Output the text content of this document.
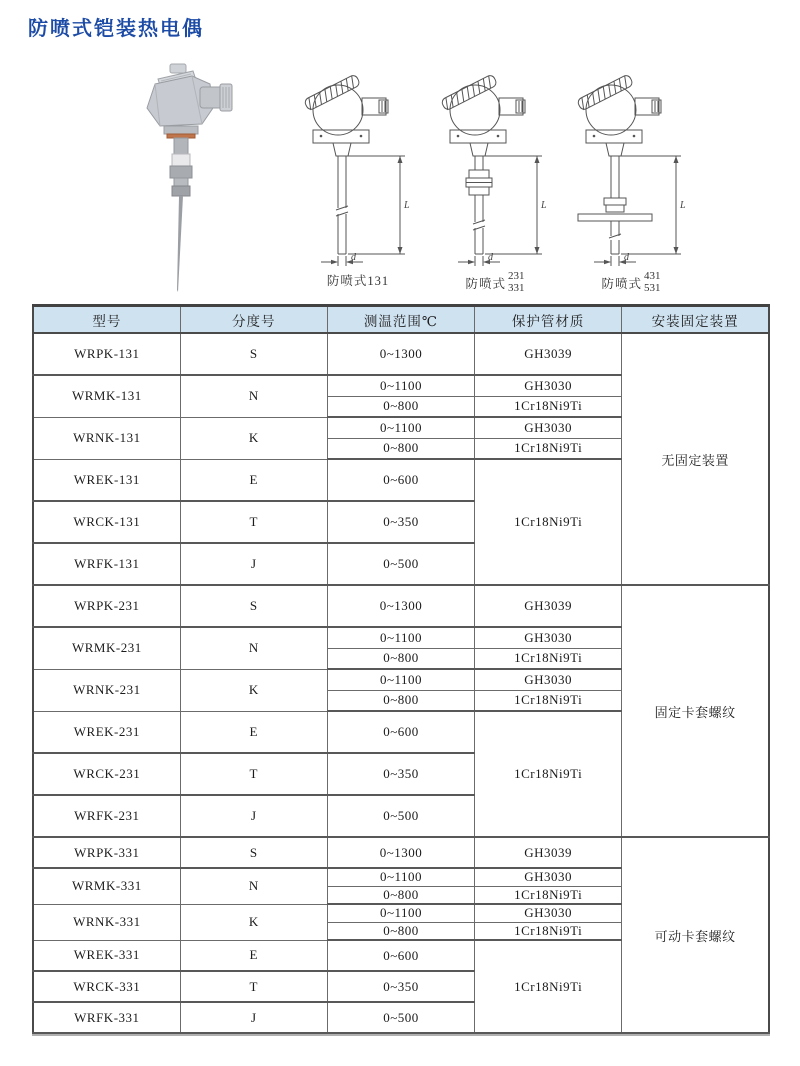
防喷式铠装热电偶
L
d
防喷式131
L
d
防喷式
231
331
L
d
防喷式
431
531
型号	分度号	测温范围℃	保护管材质	安装固定装置
WRPK-131	S	0~1300	GH3039	无固定装置
WRMK-131	N	0~1100	GH3030	
		0~800	1Cr18Ni9Ti	
WRNK-131	K	0~1100	GH3030	
		0~800	1Cr18Ni9Ti	
WREK-131	E	0~600	1Cr18Ni9Ti	
WRCK-131	T	0~350		
WRFK-131	J	0~500		
WRPK-231	S	0~1300	GH3039	固定卡套螺纹
WRMK-231	N	0~1100	GH3030	
		0~800	1Cr18Ni9Ti	
WRNK-231	K	0~1100	GH3030	
		0~800	1Cr18Ni9Ti	
WREK-231	E	0~600	1Cr18Ni9Ti	
WRCK-231	T	0~350		
WRFK-231	J	0~500		
WRPK-331	S	0~1300	GH3039	可动卡套螺纹
WRMK-331	N	0~1100	GH3030	
		0~800	1Cr18Ni9Ti	
WRNK-331	K	0~1100	GH3030	
		0~800	1Cr18Ni9Ti	
WREK-331	E	0~600	1Cr18Ni9Ti	
WRCK-331	T	0~350		
WRFK-331	J	0~500		
